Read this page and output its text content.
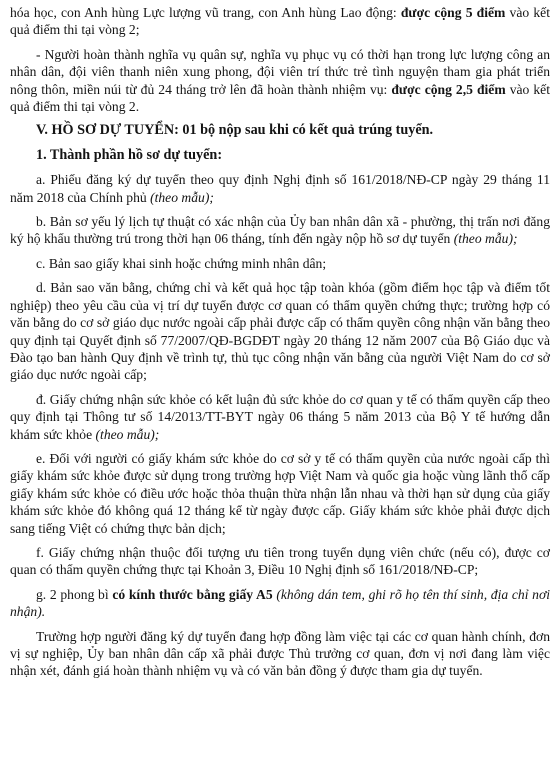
hóa học, con Anh hùng Lực lượng vũ trang, con Anh hùng Lao động: được cộng 5 điểm vào kết quả điểm thi tại vòng 2;

- Người hoàn thành nghĩa vụ quân sự, nghĩa vụ phục vụ có thời hạn trong lực lượng công an nhân dân, đội viên thanh niên xung phong, đội viên trí thức trẻ tình nguyện tham gia phát triển nông thôn, miền núi từ đủ 24 tháng trở lên đã hoàn thành nhiệm vụ: được cộng 2,5 điểm vào kết quả điểm thi tại vòng 2.

V. HỒ SƠ DỰ TUYỂN: 01 bộ nộp sau khi có kết quả trúng tuyển.

1. Thành phần hồ sơ dự tuyển:

a. Phiếu đăng ký dự tuyển theo quy định Nghị định số 161/2018/NĐ-CP ngày 29 tháng 11 năm 2018 của Chính phủ (theo mẫu);

b. Bản sơ yếu lý lịch tự thuật có xác nhận của Ủy ban nhân dân xã - phường, thị trấn nơi đăng ký hộ khẩu thường trú trong thời hạn 06 tháng, tính đến ngày nộp hồ sơ dự tuyển (theo mẫu);

c. Bản sao giấy khai sinh hoặc chứng minh nhân dân;

d. Bản sao văn bằng, chứng chỉ và kết quả học tập toàn khóa (gồm điểm học tập và điểm tốt nghiệp) theo yêu cầu của vị trí dự tuyển được cơ quan có thẩm quyền chứng thực; trường hợp có văn bằng do cơ sở giáo dục nước ngoài cấp phải được cấp có thẩm quyền công nhận văn bằng theo quy định tại Quyết định số 77/2007/QĐ-BGDĐT ngày 20 tháng 12 năm 2007 của Bộ Giáo dục và Đào tạo ban hành Quy định về trình tự, thủ tục công nhận văn bằng của người Việt Nam do cơ sở giáo dục nước ngoài cấp;

đ. Giấy chứng nhận sức khỏe có kết luận đủ sức khỏe do cơ quan y tế có thẩm quyền cấp theo quy định tại Thông tư số 14/2013/TT-BYT ngày 06 tháng 5 năm 2013 của Bộ Y tế hướng dẫn khám sức khỏe (theo mẫu);

e. Đối với người có giấy khám sức khỏe do cơ sở y tế có thẩm quyền của nước ngoài cấp thì giấy khám sức khỏe được sử dụng trong trường hợp Việt Nam và quốc gia hoặc vùng lãnh thổ cấp giấy khám sức khỏe có điều ước hoặc thỏa thuận thừa nhận lẫn nhau và thời hạn sử dụng của giấy khám sức khỏe đó không quá 12 tháng kể từ ngày được cấp. Giấy khám sức khỏe phải được dịch sang tiếng Việt có chứng thực bản dịch;

f. Giấy chứng nhận thuộc đối tượng ưu tiên trong tuyển dụng viên chức (nếu có), được cơ quan có thẩm quyền chứng thực tại Khoản 3, Điều 10 Nghị định số 161/2018/NĐ-CP;

g. 2 phong bì có kính thước bằng giấy A5 (không dán tem, ghi rõ họ tên thí sinh, địa chỉ nơi nhận).

Trường hợp người đăng ký dự tuyển đang hợp đồng làm việc tại các cơ quan hành chính, đơn vị sự nghiệp, Ủy ban nhân dân cấp xã phải được Thủ trưởng cơ quan, đơn vị nơi đang làm việc nhận xét, đánh giá hoàn thành nhiệm vụ và có văn bản đồng ý được tham gia dự tuyển.
